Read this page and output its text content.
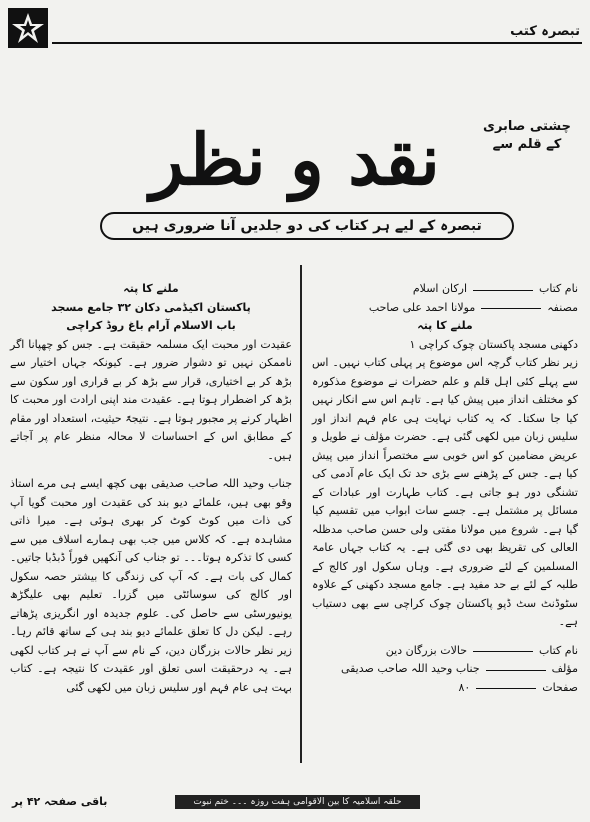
تبصرہ کتب
چشتی صابری
کے قلم سے
نقد و نظر
تبصرہ کے لیے ہر کتاب کی دو جلدیں آنا ضروری ہیں
نام کتاب
ارکان اسلام
مصنفہ
مولانا احمد علی صاحب
ملنے کا پتہ
دکھنی مسجد پاکستان چوک کراچی ۱

زیر نظر کتاب گرچہ اس موضوع پر پہلی کتاب نہیں۔ اس سے پہلے کئی اہل قلم و علم حضرات نے موضوع مذکورہ کو مختلف انداز میں پیش کیا ہے۔ تاہم اس سے انکار نہیں کیا جا سکتا۔ کہ یہ کتاب نہایت ہی عام فہم انداز اور سلیس زبان میں لکھی گئی ہے۔ حضرت مؤلف نے طویل و عریض مضامین کو اس خوبی سے مختصراً انداز میں پیش کیا ہے۔ جس کے پڑھنے سے بڑی حد تک ایک عام آدمی کی تشنگی دور ہو جاتی ہے۔ کتاب طہارت اور عبادات کے مسائل پر مشتمل ہے۔ جسے سات ابواب میں تقسیم کیا گیا ہے۔ شروع میں مولانا مفتی ولی حسن صاحب مدظلہ العالی کی تقریظ بھی دی گئی ہے۔ یہ کتاب جہاں عامۃ المسلمین کے لئے ضروری ہے۔ وہاں سکول اور کالج کے طلبہ کے لئے بے حد مفید ہے۔ جامع مسجد دکھنی کے علاوہ سٹوڈنٹ سٹ ڈپو پاکستان چوک کراچی سے بھی دستیاب ہے۔

نام کتاب
حالات بزرگان دین
مؤلف
جناب وحید اللہ صاحب صدیقی
صفحات
۸۰
ملنے کا پتہ
پاکستان اکیڈمی دکان ۳۲ جامع مسجد
باب الاسلام آرام باغ روڈ کراچی

عقیدت اور محبت ایک مسلمہ حقیقت ہے۔ جس کو چھپانا اگر ناممکن نہیں تو دشوار ضرور ہے۔ کیونکہ جہاں اختیار سے بڑھ کر بے اختیاری، قرار سے بڑھ کر بے قراری اور سکون سے بڑھ کر اضطرار ہوتا ہے۔ عقیدت مند اپنی ارادت اور محبت کا اظہار کرنے پر مجبور ہوتا ہے۔ نتیجۃً حیثیت، استعداد اور مقام کے مطابق اس کے احساسات لا محالہ منظر عام پر آجاتے ہیں۔

جناب وحید اللہ صاحب صدیقی بھی کچھ ایسے ہی مرے استاذ وقو بھی ہیں، علمائے دیو بند کی عقیدت اور محبت گویا آپ کی ذات میں کوٹ کوٹ کر بھری ہوئی ہے۔ میرا ذاتی مشاہدہ ہے۔ کہ کلاس میں جب بھی ہمارے اسلاف میں سے کسی کا تذکرہ ہوتا۔۔۔ تو جناب کی آنکھیں فوراً ڈبڈبا جاتیں۔ کمال کی بات ہے۔ کہ آپ کی زندگی کا بیشتر حصہ سکول اور کالج کی سوسائٹی میں گزرا۔ تعلیم بھی علیگڑھ یونیورسٹی سے حاصل کی۔ علوم جدیدہ اور انگریزی پڑھاتے رہے۔ لیکن دل کا تعلق علمائے دیو بند ہی کے ساتھ قائم رہا۔ زیر نظر حالات بزرگان دین، کے نام سے آپ نے ہر کتاب لکھی ہے۔ یہ درحقیقت اسی تعلق اور عقیدت کا نتیجہ ہے۔ کتاب بہت ہی عام فہم اور سلیس زبان میں لکھی گئی

باقی صفحہ ۴۲ پر	حلقہ اسلامیہ کا بین الاقوامی ہفت روزہ ۔۔۔ ختم نبوت
